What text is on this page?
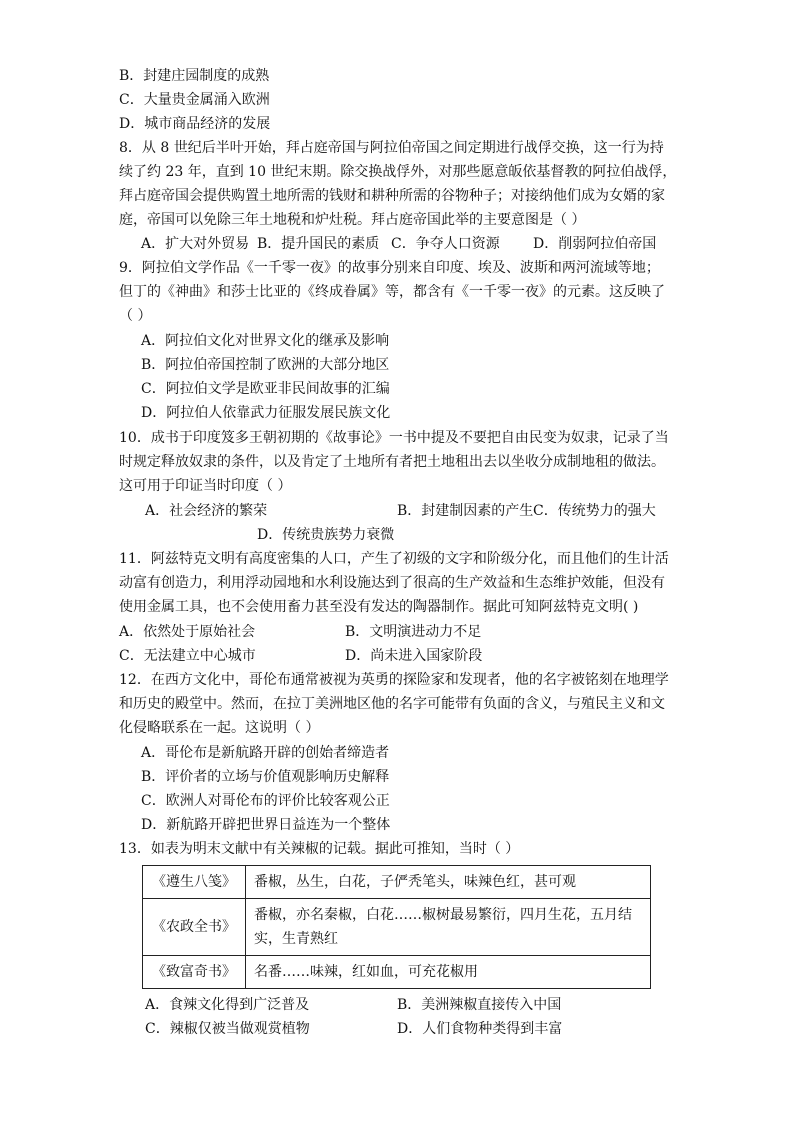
B．封建庄园制度的成熟
C．大量贵金属涌入欧洲
D．城市商品经济的发展
8．从 8 世纪后半叶开始，拜占庭帝国与阿拉伯帝国之间定期进行战俘交换，这一行为持
续了约 23 年，直到 10 世纪末期。除交换战俘外，对那些愿意皈依基督教的阿拉伯战俘，
拜占庭帝国会提供购置土地所需的钱财和耕种所需的谷物种子；对接纳他们成为女婿的家
庭，帝国可以免除三年土地税和炉灶税。拜占庭帝国此举的主要意图是（ ）
A．扩大对外贸易 B．提升国民的素质 C．争夺人口资源 D．削弱阿拉伯帝国
9．阿拉伯文学作品《一千零一夜》的故事分别来自印度、埃及、波斯和两河流域等地；
但丁的《神曲》和莎士比亚的《终成眷属》等，都含有《一千零一夜》的元素。这反映了
（ ）
A．阿拉伯文化对世界文化的继承及影响
B．阿拉伯帝国控制了欧洲的大部分地区
C．阿拉伯文学是欧亚非民间故事的汇编
D．阿拉伯人依靠武力征服发展民族文化
10．成书于印度笈多王朝初期的《故事论》一书中提及不要把自由民变为奴隶，记录了当
时规定释放奴隶的条件，以及肯定了土地所有者把土地租出去以坐收分成制地租的做法。
这可用于印证当时印度（ ）
A．社会经济的繁荣	B．封建制因素的产生 C．传统势力的强大
D．传统贵族势力衰微
11．阿兹特克文明有高度密集的人口，产生了初级的文字和阶级分化，而且他们的生计活
动富有创造力，利用浮动园地和水利设施达到了很高的生产效益和生态维护效能，但没有
使用金属工具，也不会使用畜力甚至没有发达的陶器制作。据此可知阿兹特克文明( )
A．依然处于原始社会	B．文明演进动力不足
C．无法建立中心城市	D．尚未进入国家阶段
12．在西方文化中，哥伦布通常被视为英勇的探险家和发现者，他的名字被铭刻在地理学
和历史的殿堂中。然而，在拉丁美洲地区他的名字可能带有负面的含义，与殖民主义和文
化侵略联系在一起。这说明（ ）
A．哥伦布是新航路开辟的创始者缔造者
B．评价者的立场与价值观影响历史解释
C．欧洲人对哥伦布的评价比较客观公正
D．新航路开辟把世界日益连为一个整体
13．如表为明末文献中有关辣椒的记载。据此可推知，当时（ ）
《遵生八笺》	番椒，丛生，白花，子俨秃笔头，味辣色红，甚可观
《农政全书》	番椒，亦名秦椒，白花……椒树最易繁衍，四月生花，五月结实，生青熟红
《致富奇书》	名番……味辣，红如血，可充花椒用
A．食辣文化得到广泛普及	B．美洲辣椒直接传入中国
C．辣椒仅被当做观赏植物	D．人们食物种类得到丰富
